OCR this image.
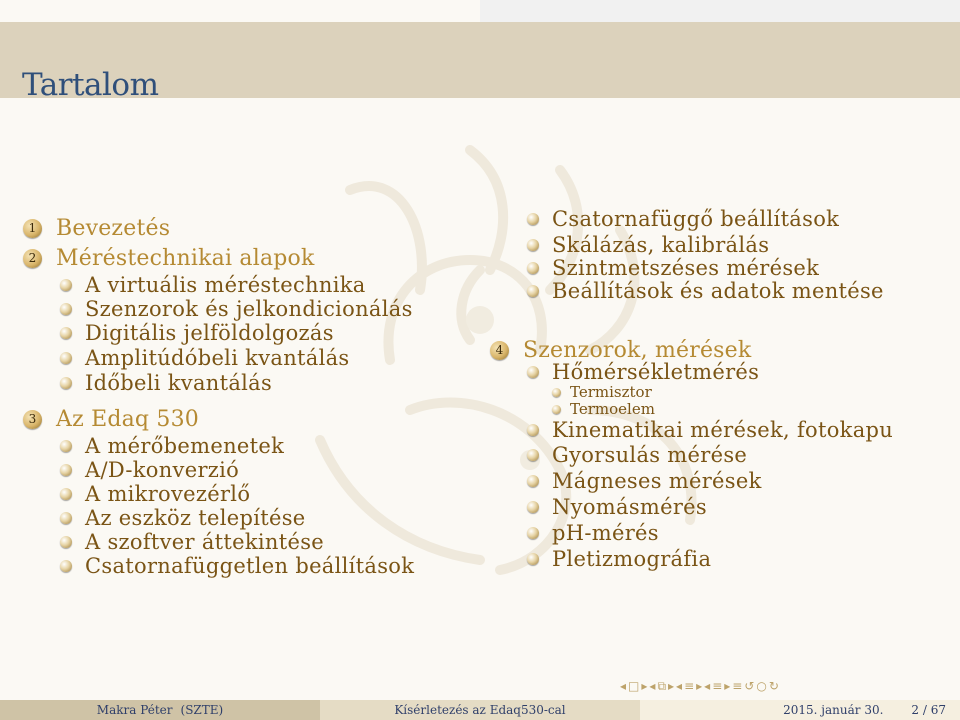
Tartalom
1 Bevezetés
2 Méréstechnikai alapok
A virtuális méréstechnika
Szenzorok és jelkondicionálás
Digitális jelföldolgozás
Amplitúdóbeli kvantálás
Időbeli kvantálás
3 Az Edaq 530
A mérőbemenetek
A/D-konverzió
A mikrovezérlő
Az eszköz telepítése
A szoftver áttekintése
Csatornafüggetlen beállítások
Csatornafüggő beállítások
Skálázás, kalibrálás
Szintmetszéses mérések
Beállítások és adatok mentése
4 Szenzorok, mérések
Hőmérsékletmérés
Termisztor
Termoelem
Kinematikai mérések, fotokapu
Gyorsulás mérése
Mágneses mérések
Nyomásmérés
pH-mérés
Pletizmográfia
◂ □ ▸ ◂ ⧉ ▸ ◂ ≡ ▸ ◂ ≡ ▸ ≡ ↺ ○ ↻
Makra Péter (SZTE)	Kísérletezés az Edaq530-cal	2015. január 30. 2 / 67
